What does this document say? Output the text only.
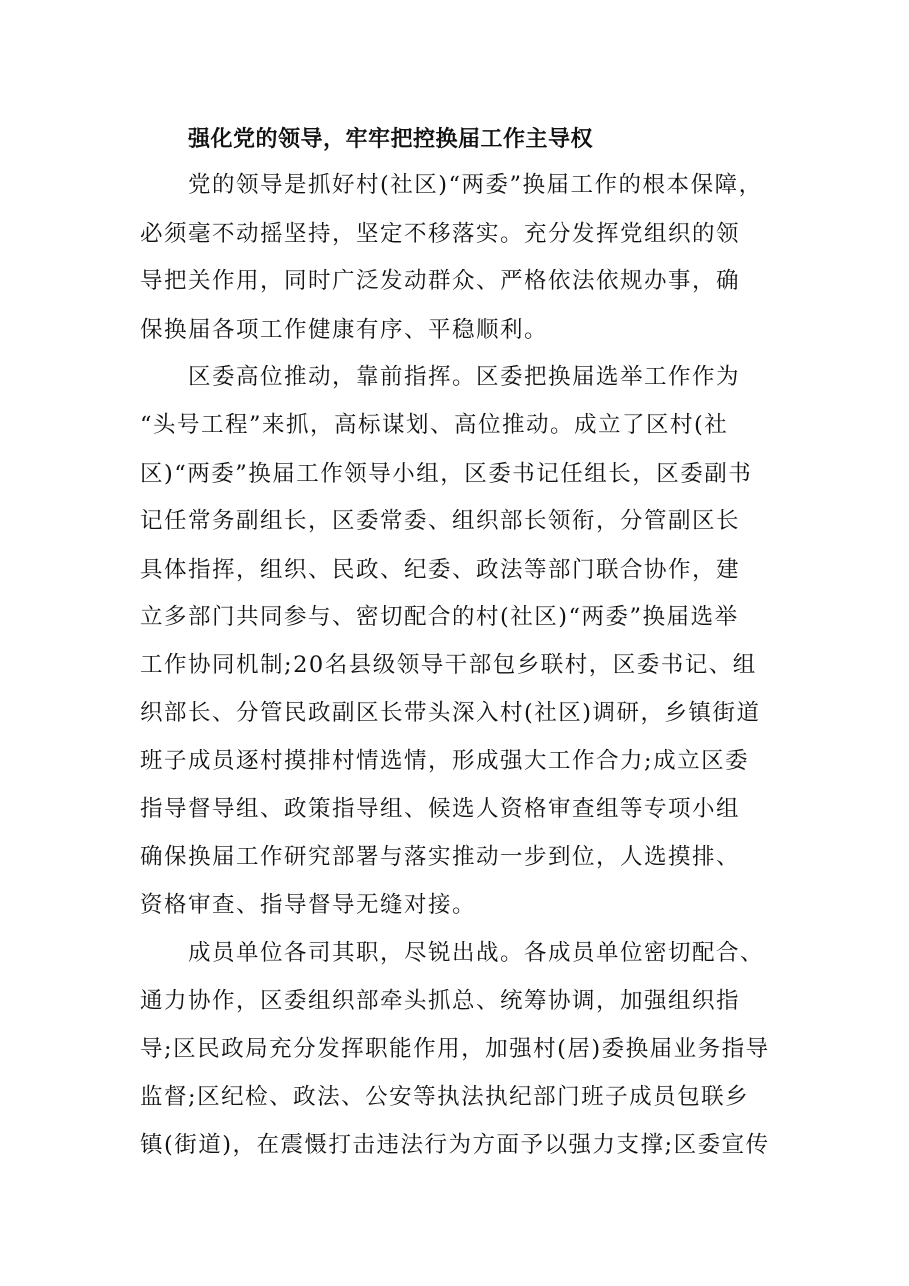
强化党的领导，牢牢把控换届工作主导权
　　党的领导是抓好村(社区)“两委”换届工作的根本保障，
必须毫不动摇坚持，坚定不移落实。充分发挥党组织的领
导把关作用，同时广泛发动群众、严格依法依规办事，确
保换届各项工作健康有序、平稳顺利。
　　区委高位推动，靠前指挥。区委把换届选举工作作为
“头号工程”来抓，高标谋划、高位推动。成立了区村(社
区)“两委”换届工作领导小组，区委书记任组长，区委副书
记任常务副组长，区委常委、组织部长领衔，分管副区长
具体指挥，组织、民政、纪委、政法等部门联合协作，建
立多部门共同参与、密切配合的村(社区)“两委”换届选举
工作协同机制;20名县级领导干部包乡联村，区委书记、组
织部长、分管民政副区长带头深入村(社区)调研，乡镇街道
班子成员逐村摸排村情选情，形成强大工作合力;成立区委
指导督导组、政策指导组、候选人资格审查组等专项小组
确保换届工作研究部署与落实推动一步到位，人选摸排、
资格审查、指导督导无缝对接。
　　成员单位各司其职，尽锐出战。各成员单位密切配合、
通力协作，区委组织部牵头抓总、统筹协调，加强组织指
导;区民政局充分发挥职能作用，加强村(居)委换届业务指导
监督;区纪检、政法、公安等执法执纪部门班子成员包联乡
镇(街道)，在震慑打击违法行为方面予以强力支撑;区委宣传
